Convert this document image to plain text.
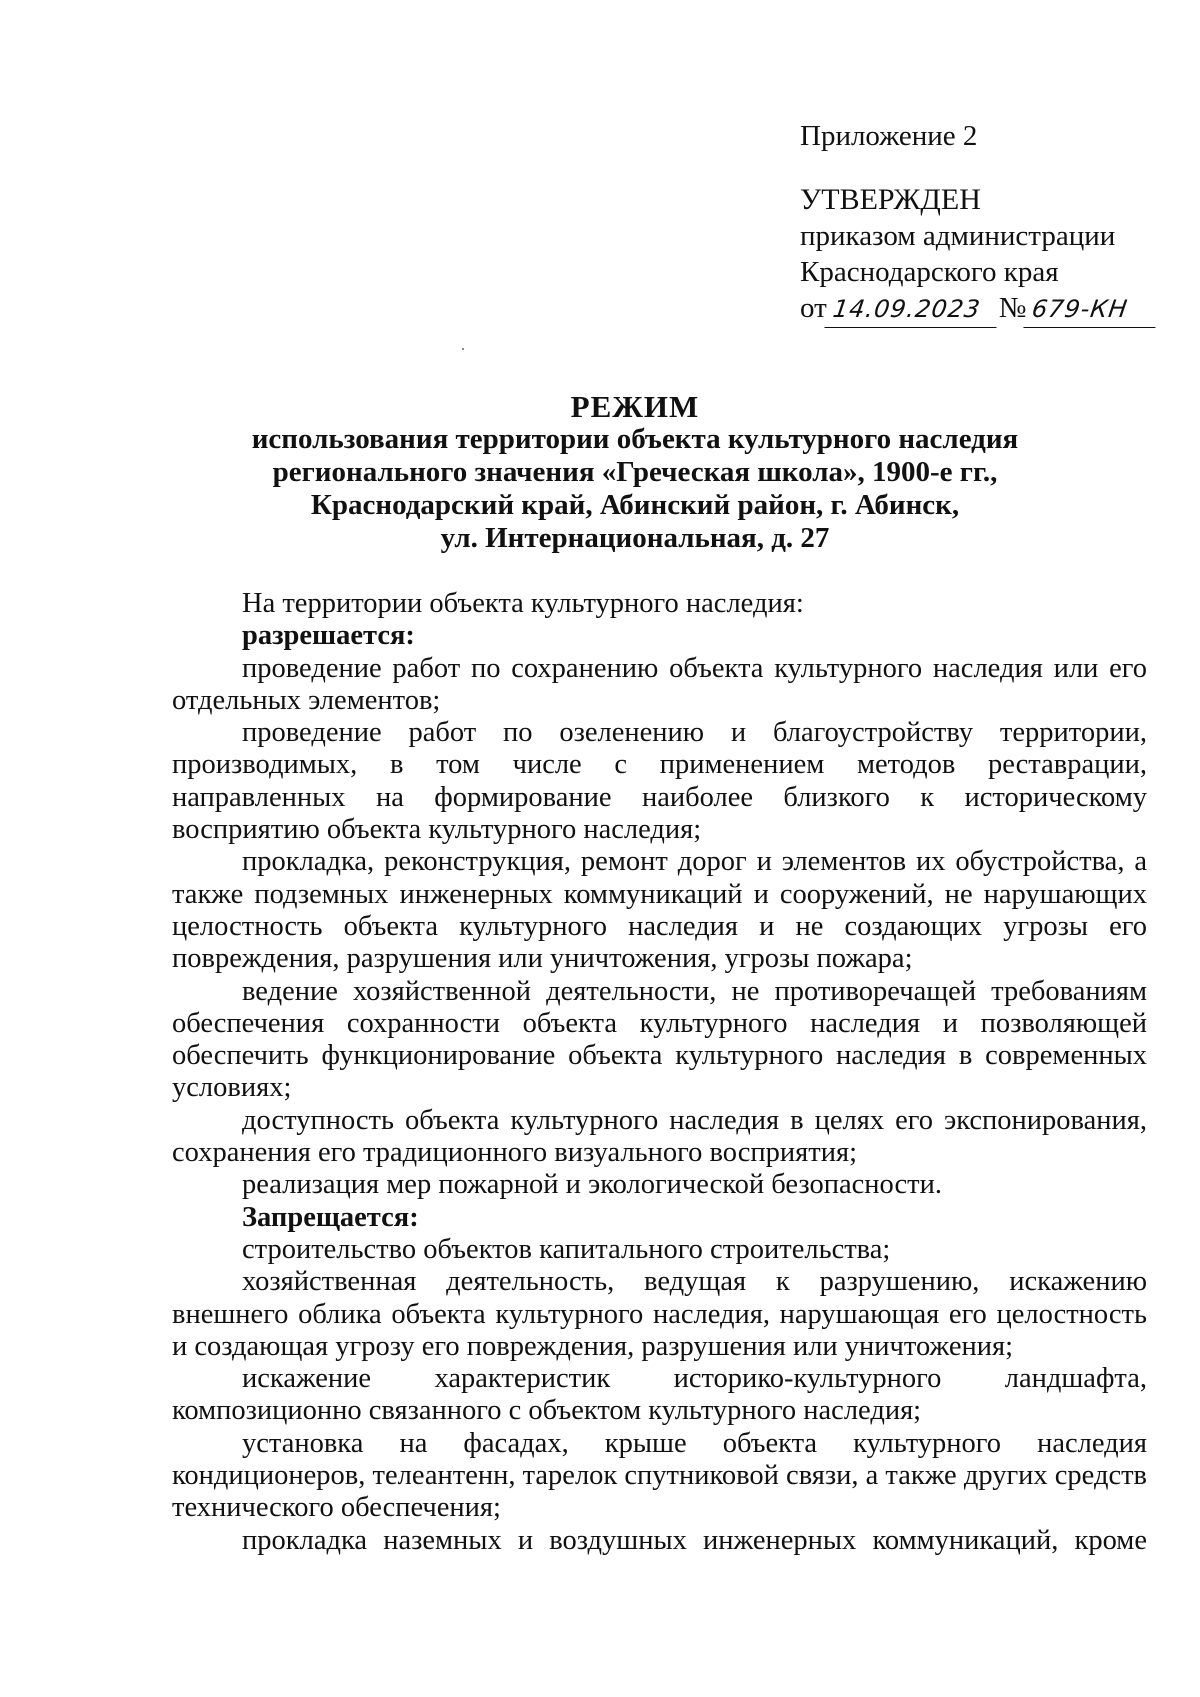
Приложение 2
УТВЕРЖДЕН
приказом администрации
Краснодарского края
от 14.09.2023 № 679-КН
РЕЖИМ
использования территории объекта культурного наследия
регионального значения «Греческая школа», 1900-е гг.,
Краснодарский край, Абинский район, г. Абинск,
ул. Интернациональная, д. 27

На территории объекта культурного наследия:

разрешается:

проведение работ по сохранению объекта культурного наследия или его отдельных элементов;

проведение работ по озеленению и благоустройству территории, производимых, в том числе с применением методов реставрации, направленных на формирование наиболее близкого к историческому восприятию объекта культурного наследия;

прокладка, реконструкция, ремонт дорог и элементов их обустройства, а также подземных инженерных коммуникаций и сооружений, не нарушающих целостность объекта культурного наследия и не создающих угрозы его повреждения, разрушения или уничтожения, угрозы пожара;

ведение хозяйственной деятельности, не противоречащей требованиям обеспечения сохранности объекта культурного наследия и позволяющей обеспечить функционирование объекта культурного наследия в современных условиях;

доступность объекта культурного наследия в целях его экспонирования, сохранения его традиционного визуального восприятия;

реализация мер пожарной и экологической безопасности.

Запрещается:

строительство объектов капитального строительства;

хозяйственная деятельность, ведущая к разрушению, искажению внешнего облика объекта культурного наследия, нарушающая его целостность и создающая угрозу его повреждения, разрушения или уничтожения;

искажение характеристик историко-культурного ландшафта, композиционно связанного с объектом культурного наследия;

установка на фасадах, крыше объекта культурного наследия кондиционеров, телеантенн, тарелок спутниковой связи, а также других средств технического обеспечения;

прокладка наземных и воздушных инженерных коммуникаций, кроме
